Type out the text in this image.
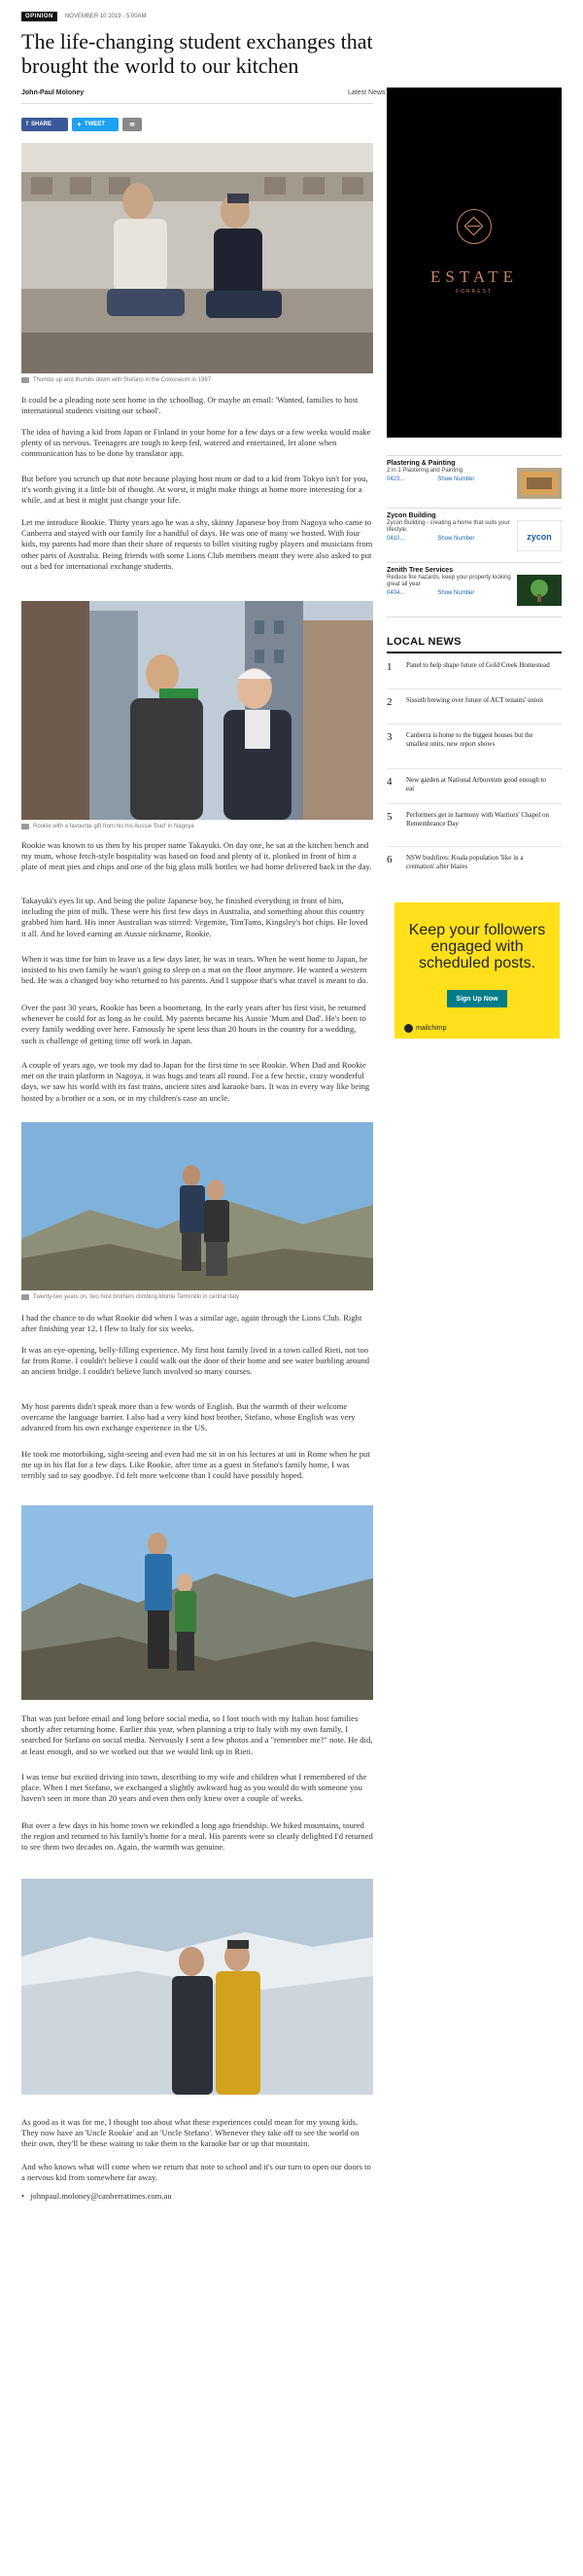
OPINION	NOVEMBER 10 2019 - 5:00AM
The life-changing student exchanges that brought the world to our kitchen
John-Paul Moloney	Latest News
f SHARE	✦ TWEET	✉
Thumbs up and thumbs down with Stefano in the Colosseum in 1997

It could be a pleading note sent home in the schoolbag. Or maybe an email: 'Wanted, families to host international students visiting our school'.

The idea of having a kid from Japan or Finland in your home for a few days or a few weeks would make plenty of us nervous. Teenagers are tough to keep fed, watered and entertained, let alone when communication has to be done by translator app.

But before you scrunch up that note because playing host mum or dad to a kid from Tokyo isn't for you, it's worth giving it a little bit of thought. At worst, it might make things at home more interesting for a while, and at best it might just change your life.

Let me introduce Rookie. Thirty years ago he was a shy, skinny Japanese boy from Nagoya who came to Canberra and stayed with our family for a handful of days. He was one of many we hosted. With four kids, my parents had more than their share of requests to billet visiting rugby players and musicians from other parts of Australia. Being friends with some Lions Club members meant they were also asked to put out a bed for international exchange students.

Rookie with a favourite gift from his his Aussie 'Dad' in Nagoya

Rookie was known to us then by his proper name Takayuki. On day one, he sat at the kitchen bench and my mum, whose fetch-style hospitality was based on food and plenty of it, plonked in front of him a plate of meat pies and chips and one of the big glass milk bottles we had home delivered back in the day.

Takayuki's eyes lit up. And being the polite Japanese boy, he finished everything in front of him, including the pint of milk. These were his first few days in Australia, and something about this country grabbed him hard. His inner Australian was stirred: Vegemite, TimTams, Kingsley's hot chips. He loved it all. And he loved earning an Aussie nickname, Rookie.

When it was time for him to leave us a few days later, he was in tears. When he went home to Japan, he insisted to his own family he wasn't going to sleep on a mat on the floor anymore. He wanted a western bed. He was a changed boy who returned to his parents. And I suppose that's what travel is meant to do.

Over the past 30 years, Rookie has been a boomerang. In the early years after his first visit, he returned whenever he could for as long as he could. My parents became his Aussie 'Mum and Dad'. He's been to every family wedding over here. Famously he spent less than 20 hours in the country for a wedding, such is challenge of getting time off work in Japan.

A couple of years ago, we took my dad to Japan for the first time to see Rookie. When Dad and Rookie met on the train platform in Nagoya, it was hugs and tears all round. For a few hectic, crazy wonderful days, we saw his world with its fast trains, ancient sites and karaoke bars. It was in every way like being hosted by a brother or a son, or in my children's case an uncle.

Twenty-two years on, two host brothers climbing Monte Terminillo in central Italy

I had the chance to do what Rookie did when I was a similar age, again through the Lions Club. Right after finishing year 12, I flew to Italy for six weeks.

It was an eye-opening, belly-filling experience. My first host family lived in a town called Rieti, not too far from Rome. I couldn't believe I could walk out the door of their home and see water burbling around an ancient bridge. I couldn't believe lunch involved so many courses.

My host parents didn't speak more than a few words of English. But the warmth of their welcome overcame the language barrier. I also had a very kind host brother, Stefano, whose English was very advanced from his own exchange experience in the US.

He took me motorbiking, sight-seeing and even had me sit in on his lectures at uni in Rome when he put me up in his flat for a few days. Like Rookie, after time as a guest in Stefano's family home, I was terribly sad to say goodbye. I'd felt more welcome than I could have possibly hoped.

That was just before email and long before social media, so I lost touch with my Italian host families shortly after returning home. Earlier this year, when planning a trip to Italy with my own family, I searched for Stefano on social media. Nervously I sent a few photos and a "remember me?" note. He did, at least enough, and so we worked out that we would link up in Rieti.

I was tense but excited driving into town, describing to my wife and children what I remembered of the place. When I met Stefano, we exchanged a slightly awkward hug as you would do with someone you haven't seen in more than 20 years and even then only knew over a couple of weeks.

But over a few days in his home town we rekindled a long ago friendship. We hiked mountains, toured the region and returned to his family's home for a meal. His parents were so clearly delighted I'd returned to see them two decades on. Again, the warmth was genuine.

As good as it was for me, I thought too about what these experiences could mean for my young kids. They now have an 'Uncle Rookie' and an 'Uncle Stefano'. Whenever they take off to see the world on their own, they'll be these waiting to take them to the karaoke bar or up that mountain.

And who knows what will come when we return that note to school and it's our turn to open our doors to a nervous kid from somewhere far away.

• johnpaul.moloney@canberratimes.com.au
ESTATE
FORREST
Plastering & Painting
2 in 1 Plastering and Painting
0423...	Show Number
Zycon Building
Zycon Building - creating a home that suits your lifestyle.
0410...	Show Number	zycon
Zenith Tree Services
Reduce fire hazards. keep your property looking great all year
0404...	Show Number
LOCAL NEWS
1	Panel to help shape future of Gold Creek Homestead
2	Sissuth brewing over future of ACT tenants' union
3	Canberra is home to the biggest houses but the smallest units, new report shows
4	New garden at National Arboretum good enough to eat
5	Performers get in harmony with Warriors' Chapel on Remembrance Day
6	NSW bushfires: Koala population 'like in a cremation' after blazes
Keep your followers engaged with scheduled posts.
Sign Up Now
mailchimp
